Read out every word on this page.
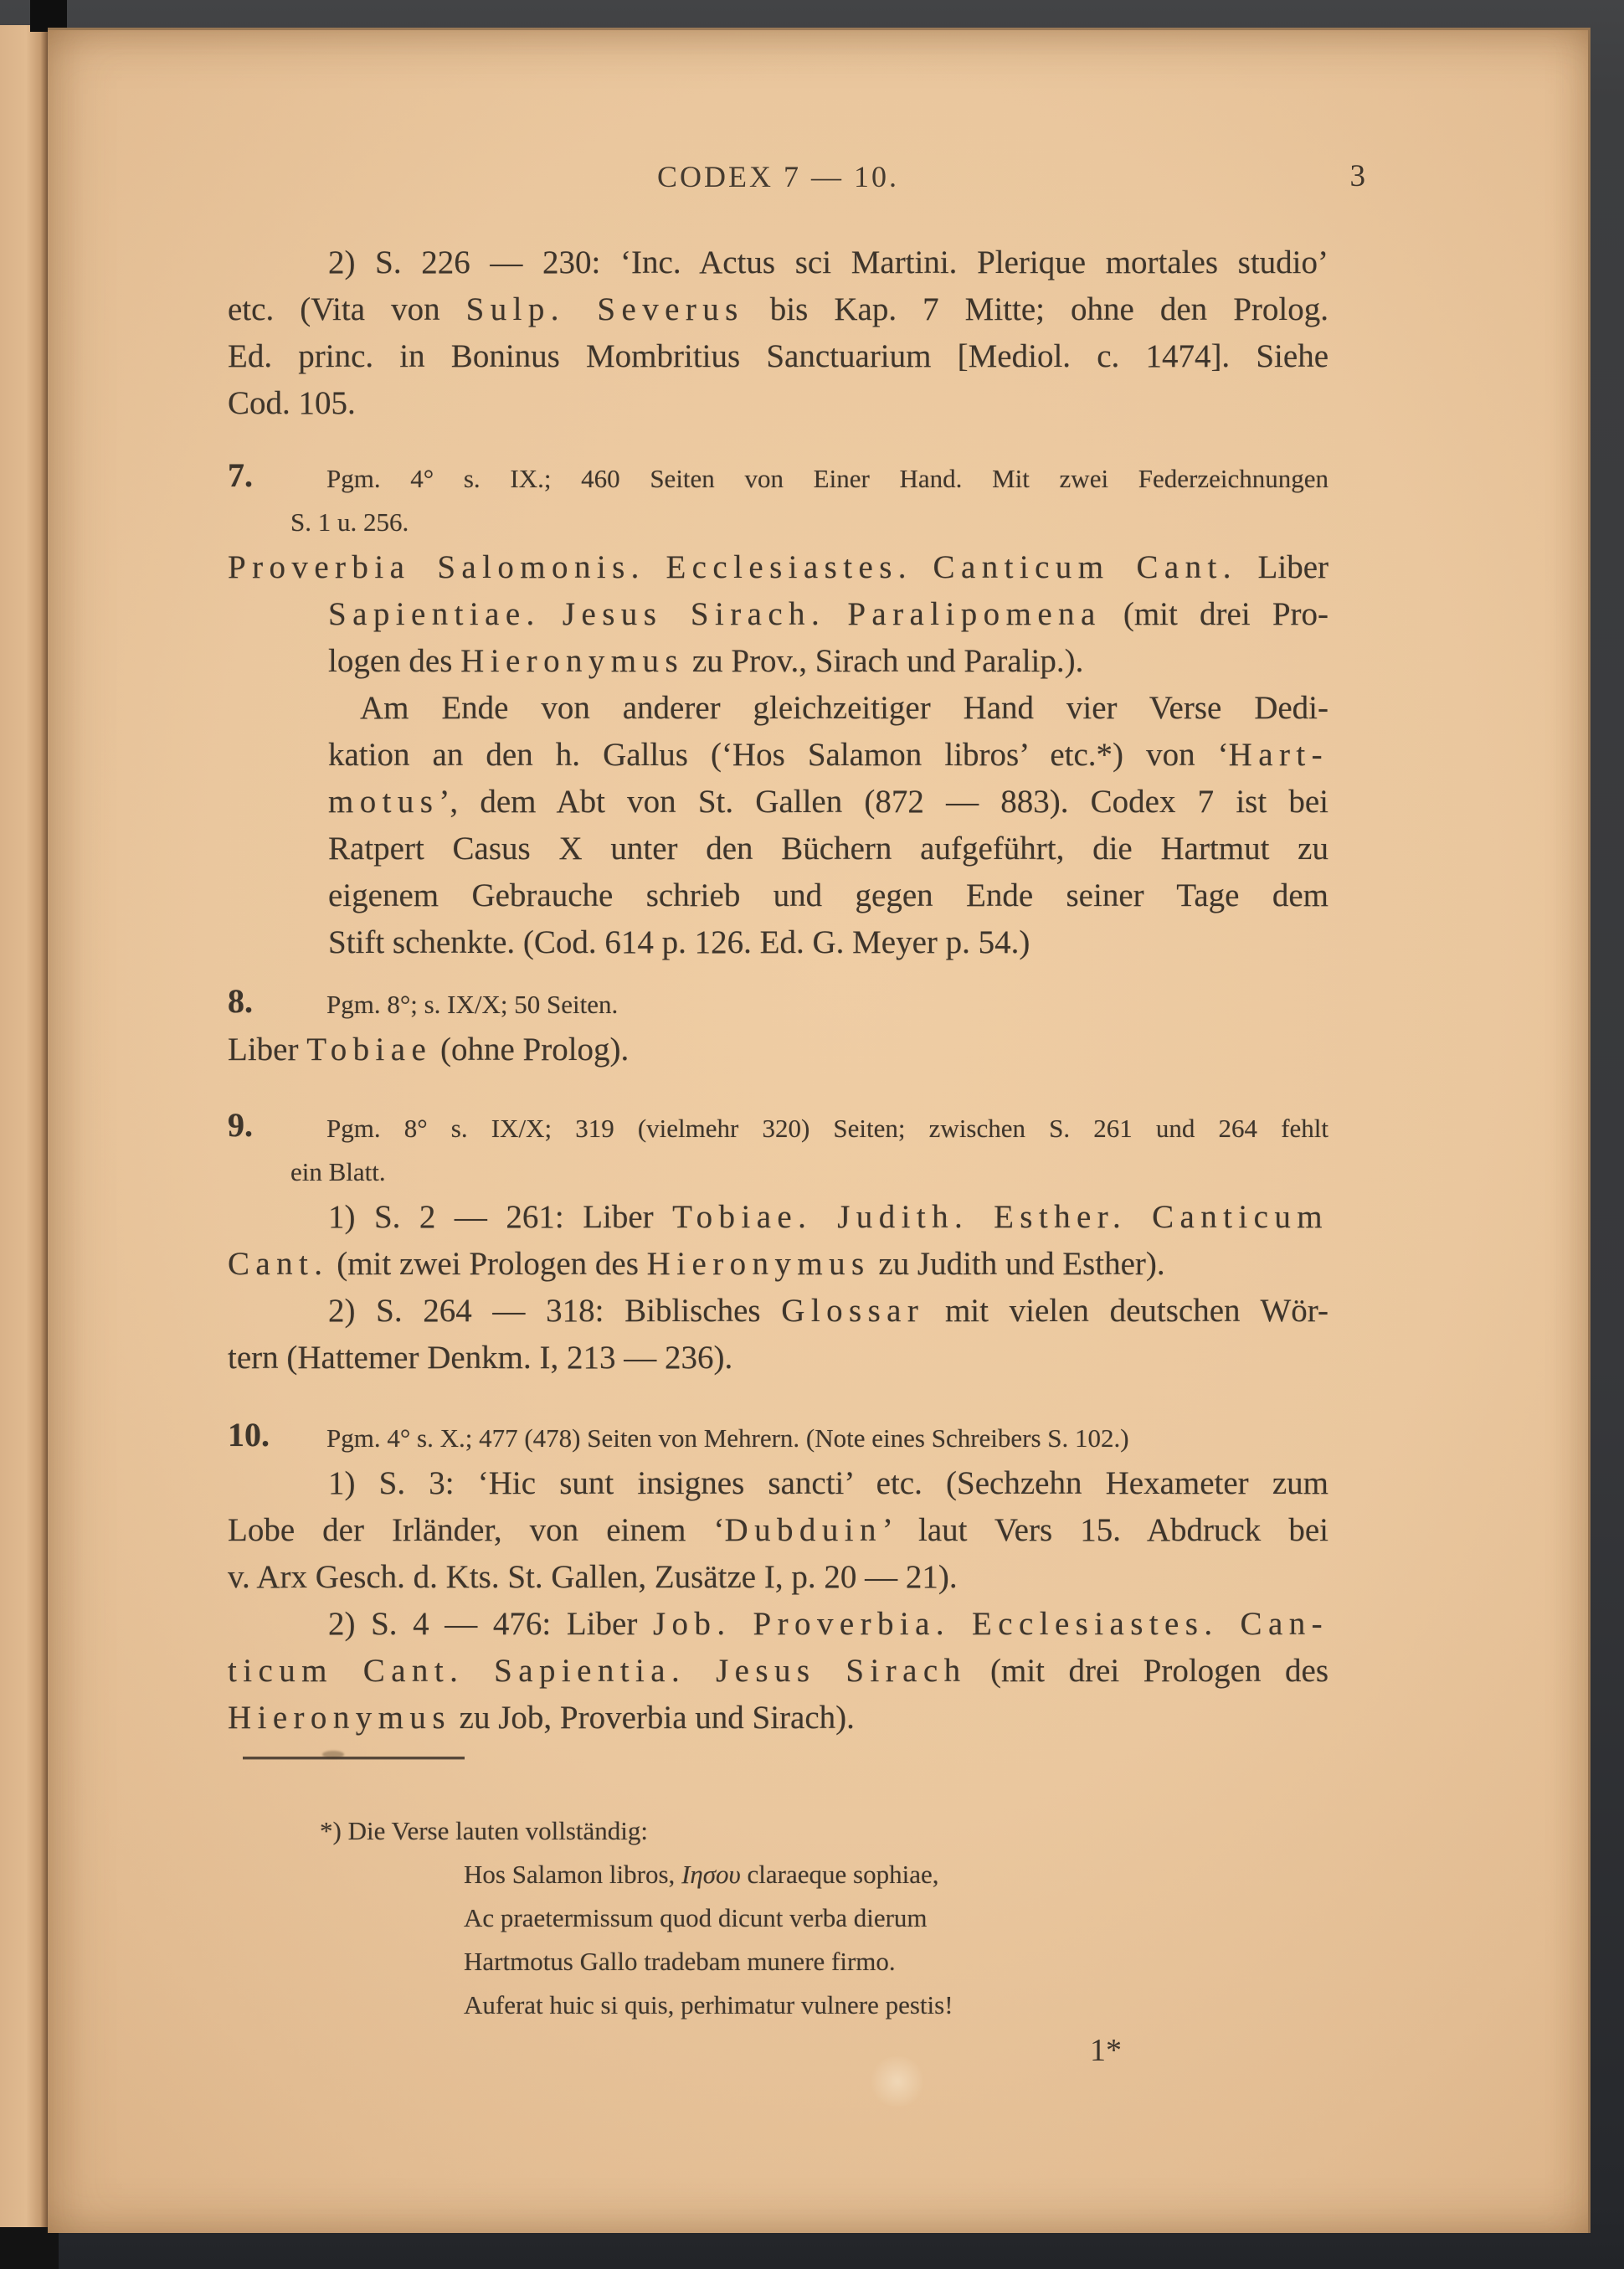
CODEX 7 — 10.	3
2) S. 226 — 230: ‘Inc. Actus sci Martini. Plerique mortales studio’
etc. (Vita von Sulp. Severus bis Kap. 7 Mitte; ohne den Prolog.
Ed. princ. in Boninus Mombritius Sanctuarium [Mediol. c. 1474]. Siehe
Cod. 105.
7.	Pgm. 4° s. IX.; 460 Seiten von Einer Hand. Mit zwei Federzeichnungen
S. 1 u. 256.
Proverbia Salomonis. Ecclesiastes. Canticum Cant. Liber
Sapientiae. Jesus Sirach. Paralipomena (mit drei Pro-
logen des Hieronymus zu Prov., Sirach und Paralip.).
Am Ende von anderer gleichzeitiger Hand vier Verse Dedi-
kation an den h. Gallus (‘Hos Salamon libros’ etc.*) von ‘Hart-
motus’, dem Abt von St. Gallen (872 — 883). Codex 7 ist bei
Ratpert Casus X unter den Büchern aufgeführt, die Hartmut zu
eigenem Gebrauche schrieb und gegen Ende seiner Tage dem
Stift schenkte. (Cod. 614 p. 126. Ed. G. Meyer p. 54.)
8.	Pgm. 8°; s. IX/X; 50 Seiten.
Liber Tobiae (ohne Prolog).
9.	Pgm. 8° s. IX/X; 319 (vielmehr 320) Seiten; zwischen S. 261 und 264 fehlt
ein Blatt.
1) S. 2 — 261: Liber Tobiae. Judith. Esther. Canticum
Cant. (mit zwei Prologen des Hieronymus zu Judith und Esther).
2) S. 264 — 318: Biblisches Glossar mit vielen deutschen Wör-
tern (Hattemer Denkm. I, 213 — 236).
10.	Pgm. 4° s. X.; 477 (478) Seiten von Mehrern. (Note eines Schreibers S. 102.)
1) S. 3: ‘Hic sunt insignes sancti’ etc. (Sechzehn Hexameter zum
Lobe der Irländer, von einem ‘Dubduin’ laut Vers 15. Abdruck bei
v. Arx Gesch. d. Kts. St. Gallen, Zusätze I, p. 20 — 21).
2) S. 4 — 476: Liber Job. Proverbia. Ecclesiastes. Can-
ticum Cant. Sapientia. Jesus Sirach (mit drei Prologen des
Hieronymus zu Job, Proverbia und Sirach).
*) Die Verse lauten vollständig:
Hos Salamon libros, Ιησου claraeque sophiae,
Ac praetermissum quod dicunt verba dierum
Hartmotus Gallo tradebam munere firmo.
Auferat huic si quis, perhimatur vulnere pestis!
1*
